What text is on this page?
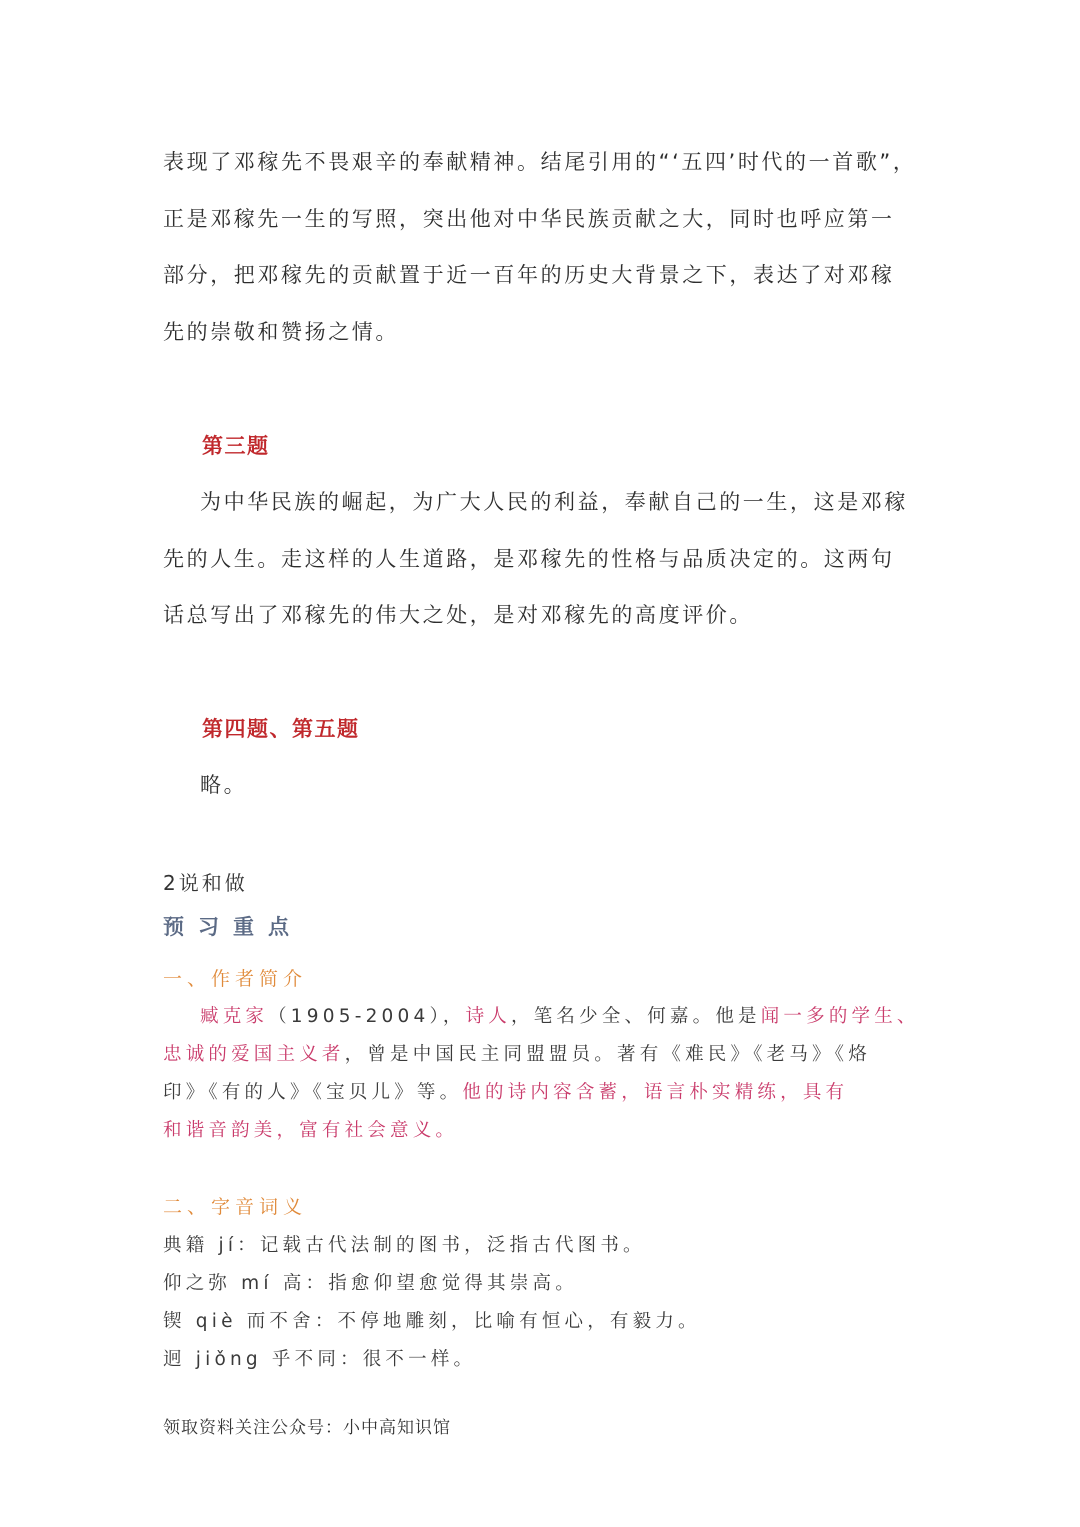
表现了邓稼先不畏艰辛的奉献精神。结尾引用的“‘五四’时代的一首歌”，
正是邓稼先一生的写照，突出他对中华民族贡献之大，同时也呼应第一
部分，把邓稼先的贡献置于近一百年的历史大背景之下，表达了对邓稼
先的崇敬和赞扬之情。
第三题
为中华民族的崛起，为广大人民的利益，奉献自己的一生，这是邓稼
先的人生。走这样的人生道路，是邓稼先的性格与品质决定的。这两句
话总写出了邓稼先的伟大之处，是对邓稼先的高度评价。
第四题、第五题
略。
2说和做
预习重点
一、作者简介
臧克家（1905-2004），诗人，笔名少全、何嘉。他是闻一多的学生、
忠诚的爱国主义者，曾是中国民主同盟盟员。著有《难民》《老马》《烙
印》《有的人》《宝贝儿》等。他的诗内容含蓄，语言朴实精练，具有
和谐音韵美，富有社会意义。
二、字音词义
典籍 jí：记载古代法制的图书，泛指古代图书。
仰之弥 mí 高：指愈仰望愈觉得其崇高。
锲 qiè 而不舍：不停地雕刻，比喻有恒心，有毅力。
迥 jiǒng 乎不同：很不一样。
领取资料关注公众号：小中高知识馆
